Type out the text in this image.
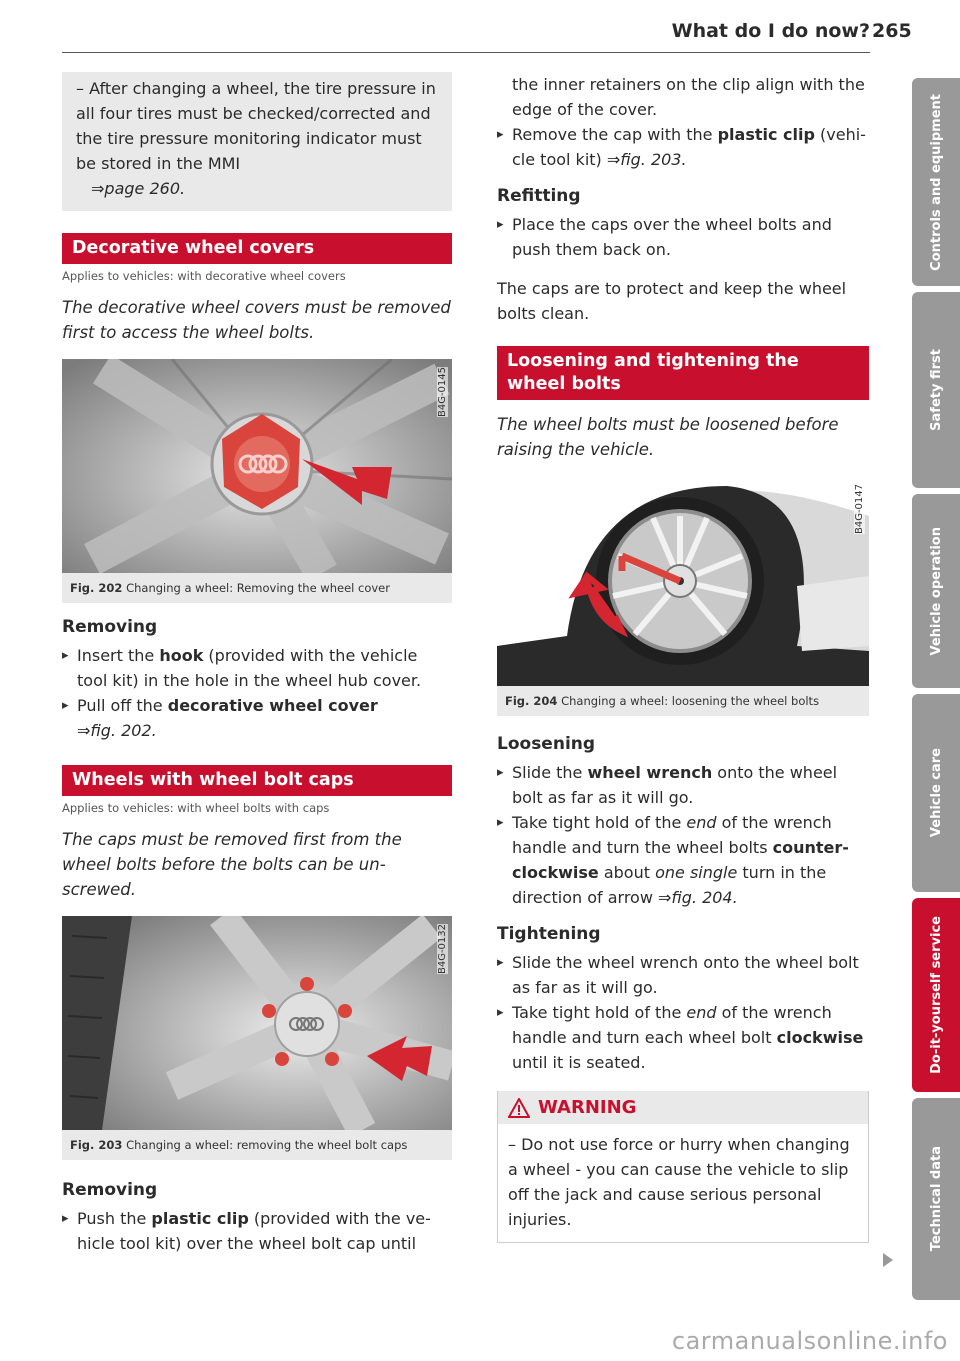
What do I do now? 265

– After changing a wheel, the tire pressure in all four tires must be checked/corrected and the tire pressure monitoring indicator must be stored in the MMI

⇒page 260.

Decorative wheel covers
Applies to vehicles: with decorative wheel covers

The decorative wheel covers must be removed first to access the wheel bolts.

B4G-0145
Fig. 202 Changing a wheel: Removing the wheel cover
Removing

▸ Insert the hook (provided with the vehicle tool kit) in the hole in the wheel hub cover.

▸ Pull off the decorative wheel cover
⇒fig. 202.

Wheels with wheel bolt caps
Applies to vehicles: with wheel bolts with caps

The caps must be removed first from the wheel bolts before the bolts can be unscrewed.

B4G-0132
Fig. 203 Changing a wheel: removing the wheel bolt caps
Removing

▸ Push the plastic clip (provided with the vehicle tool kit) over the wheel bolt cap until

the inner retainers on the clip align with the edge of the cover.

▸ Remove the cap with the plastic clip (vehicle tool kit) ⇒fig. 203.

Refitting

▸ Place the caps over the wheel bolts and push them back on.

The caps are to protect and keep the wheel bolts clean.

Loosening and tightening the wheel bolts

The wheel bolts must be loosened before raising the vehicle.

B4G-0147
Fig. 204 Changing a wheel: loosening the wheel bolts
Loosening

▸ Slide the wheel wrench onto the wheel bolt as far as it will go.

▸ Take tight hold of the end of the wrench handle and turn the wheel bolts counterclockwise about one single turn in the direction of arrow ⇒fig. 204.

Tightening

▸ Slide the wheel wrench onto the wheel bolt as far as it will go.

▸ Take tight hold of the end of the wrench handle and turn each wheel bolt clockwise until it is seated.

WARNING

– Do not use force or hurry when changing a wheel - you can cause the vehicle to slip off the jack and cause serious personal injuries.

Controls and equipment
Safety first
Vehicle operation
Vehicle care
Do-it-yourself service
Technical data
carmanualsonline.info
